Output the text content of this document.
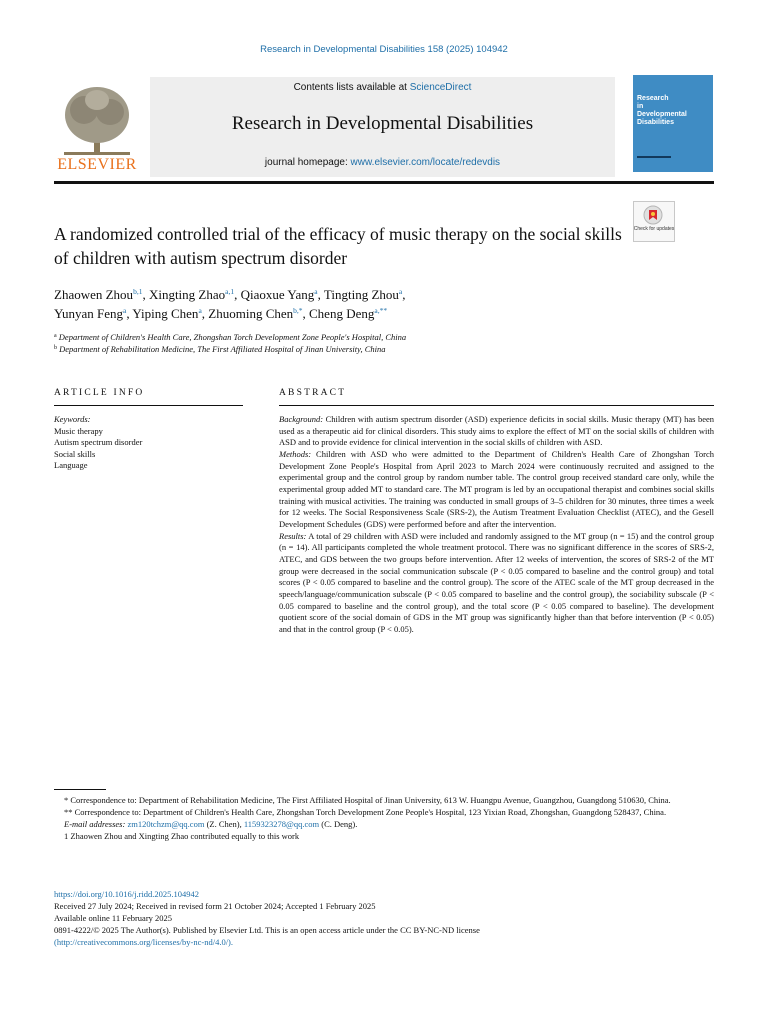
Research in Developmental Disabilities 158 (2025) 104942
ELSEVIER
Contents lists available at ScienceDirect
Research in Developmental Disabilities
journal homepage: www.elsevier.com/locate/redevdis
Research
in
Developmental
Disabilities
A randomized controlled trial of the efficacy of music therapy on the social skills of children with autism spectrum disorder
Check for updates
Zhaowen Zhou$^{b,1}$, Xingting Zhao$^{a,1}$, Qiaoxue Yang$^a$, Tingting Zhou$^a$,
Yunyan Feng$^a$, Yiping Chen$^a$, Zhuoming Chen$^{b,*}$, Cheng Deng$^{a,**}$
$^a$ Department of Children's Health Care, Zhongshan Torch Development Zone People's Hospital, China
$^b$ Department of Rehabilitation Medicine, The First Affiliated Hospital of Jinan University, China
ARTICLE INFO	ABSTRACT
Keywords:
Music therapy
Autism spectrum disorder
Social skills
Language

Background: Children with autism spectrum disorder (ASD) experience deficits in social skills. Music therapy (MT) has been used as a therapeutic aid for clinical disorders. This study aims to explore the effect of MT on the social skills of children with ASD and to provide evidence for clinical intervention in the social skills of children with ASD.

Methods: Children with ASD who were admitted to the Department of Children's Health Care of Zhongshan Torch Development Zone People's Hospital from April 2023 to March 2024 were continuously recruited and assigned to the experimental group and the control group by random number table. The control group received standard care only, while the experimental group added MT to standard care. The MT program is led by an occupational therapist and combines social skills training with musical activities. The training was conducted in small groups of 3–5 children for 30 minutes, three times a week for 12 weeks. The Social Responsiveness Scale (SRS-2), the Autism Treatment Evaluation Checklist (ATEC), and the Gesell Development Schedules (GDS) were performed before and after the intervention.

Results: A total of 29 children with ASD were included and randomly assigned to the MT group (n = 15) and the control group (n = 14). All participants completed the whole treatment protocol. There was no significant difference in the scores of SRS-2, ATEC, and GDS between the two groups before intervention. After 12 weeks of intervention, the scores of SRS-2 of the MT group were decreased in the social communication subscale (P < 0.05 compared to baseline and the control group) and total scores (P < 0.05 compared to baseline and the control group). The score of the ATEC scale of the MT group decreased in the speech/language/communication subscale (P < 0.05 compared to baseline and the control group), the sociability subscale (P < 0.05 compared to baseline and the control group), and the total score (P < 0.05 compared to baseline). The development quotient score of the social domain of GDS in the MT group was significantly higher than that before intervention (P < 0.05) and that in the control group (P < 0.05).

* Correspondence to: Department of Rehabilitation Medicine, The First Affiliated Hospital of Jinan University, 613 W. Huangpu Avenue, Guangzhou, Guangdong 510630, China.

** Correspondence to: Department of Children's Health Care, Zhongshan Torch Development Zone People's Hospital, 123 Yixian Road, Zhongshan, Guangdong 528437, China.

E-mail addresses: zm120tchzm@qq.com (Z. Chen), 1159323278@qq.com (C. Deng).

1 Zhaowen Zhou and Xingting Zhao contributed equally to this work

https://doi.org/10.1016/j.ridd.2025.104942

Received 27 July 2024; Received in revised form 21 October 2024; Accepted 1 February 2025

Available online 11 February 2025

0891-4222/© 2025 The Author(s). Published by Elsevier Ltd. This is an open access article under the CC BY-NC-ND license

(http://creativecommons.org/licenses/by-nc-nd/4.0/).
